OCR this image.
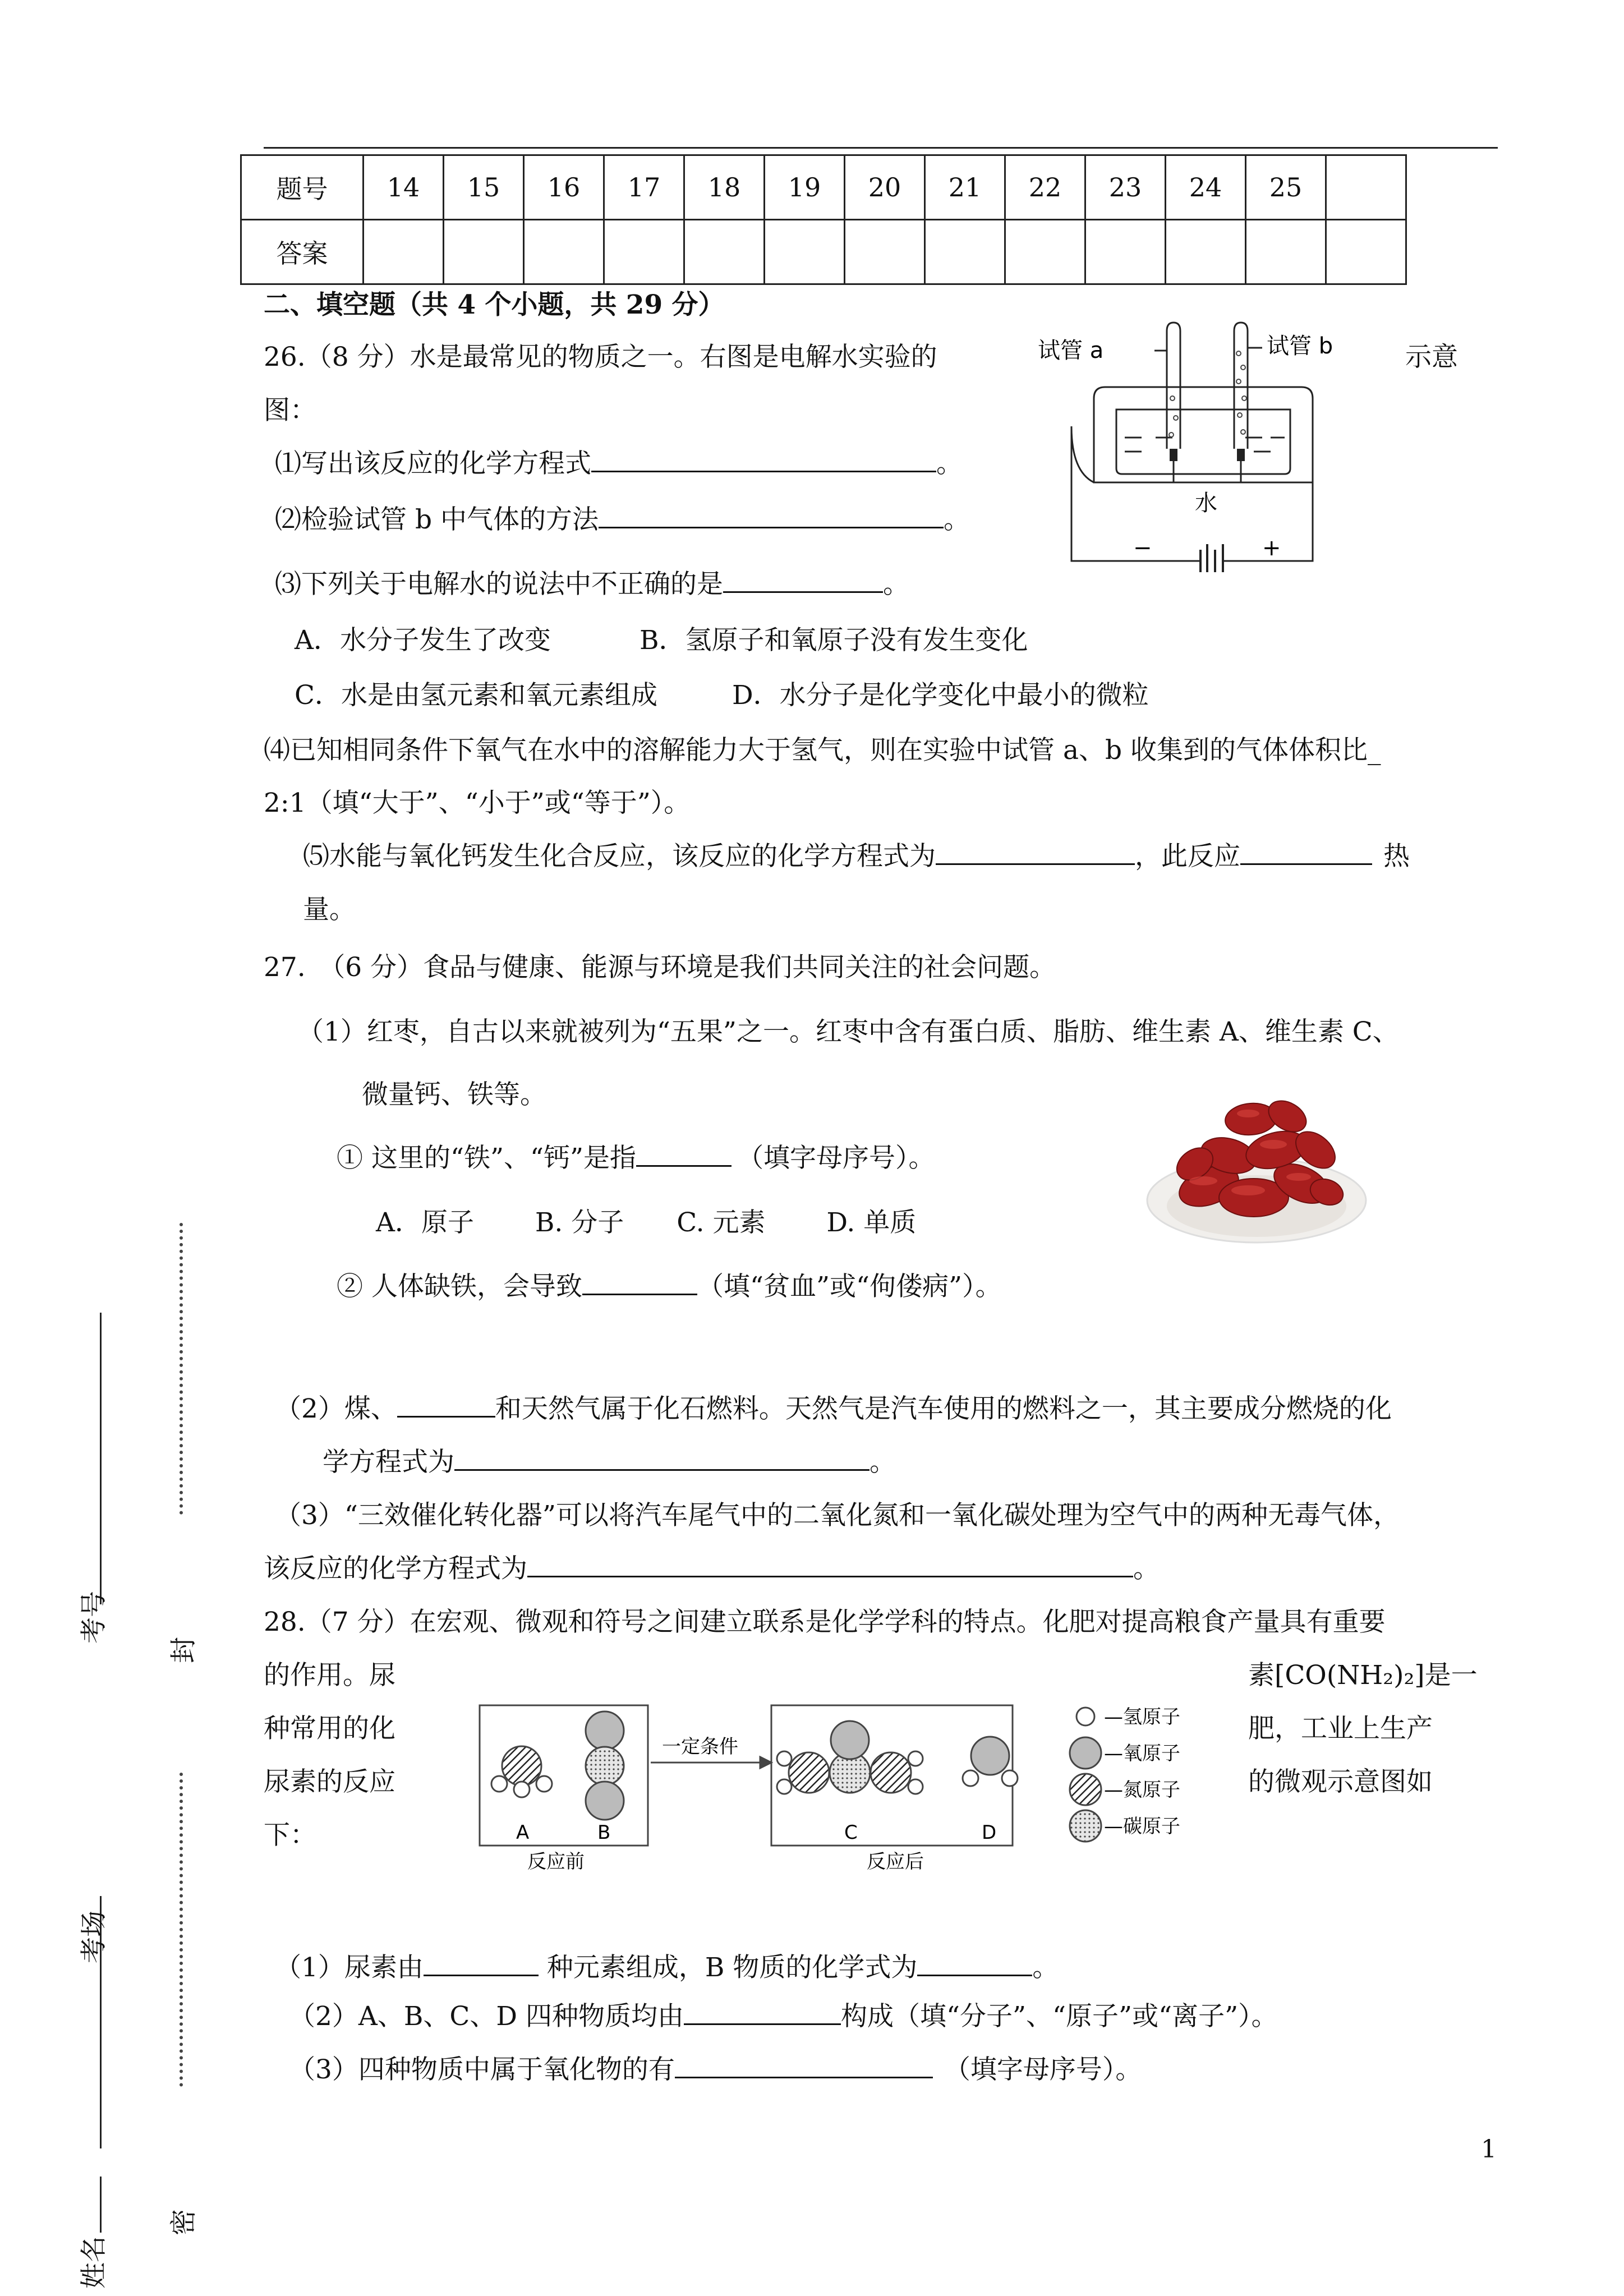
题号	14	15	16	17	18	19	20	21	22	23	24	25	
答案													
二、填空题（共 4 个小题，共 29 分）
26.（8 分）水是最常见的物质之一。右图是电解水实验的	示意
图：
⑴写出该反应的化学方程式	。
⑵检验试管 b 中气体的方法	。
⑶下列关于电解水的说法中不正确的是	。
A．水分子发生了改变	B．氢原子和氧原子没有发生变化
C．水是由氢元素和氧元素组成	D．水分子是化学变化中最小的微粒
⑷已知相同条件下氧气在水中的溶解能力大于氢气，则在实验中试管 a、b 收集到的气体体积比_
2:1（填“大于”、“小于”或“等于”）。
⑸水能与氧化钙发生化合反应，该反应的化学方程式为	，此反应	热
量。
试管 a	试管 b
水
−	+
27.　（6 分）食品与健康、能源与环境是我们共同关注的社会问题。
（1）红枣，自古以来就被列为“五果”之一。红枣中含有蛋白质、脂肪、维生素 A、维生素 C、
微量钙、铁等。
① 这里的“铁”、“钙”是指	（填字母序号）。
A．原子　　 B. 分子　　C. 元素　　 D. 单质
② 人体缺铁，会导致	（填“贫血”或“佝偻病”）。
（2）煤、	和天然气属于化石燃料。天然气是汽车使用的燃料之一，其主要成分燃烧的化
学方程式为	。
（3）“三效催化转化器”可以将汽车尾气中的二氧化氮和一氧化碳处理为空气中的两种无毒气体，
该反应的化学方程式为	。
28.（7 分）在宏观、微观和符号之间建立联系是化学学科的特点。化肥对提高粮食产量具有重要
的作用。尿	素[CO(NH₂)₂]是一
种常用的化	肥，工业上生产
尿素的反应	的微观示意图如
下：
一定条件
A	B	C	D
反应前	反应后
—氢原子
—氧原子
—氮原子
—碳原子
（1）尿素由	种元素组成，B 物质的化学式为	。
（2）A、B、C、D 四种物质均由	构成（填“分子”、“原子”或“离子”）。
（3）四种物质中属于氧化物的有	（填字母序号）。
1
考号
考场
姓名
封
密
